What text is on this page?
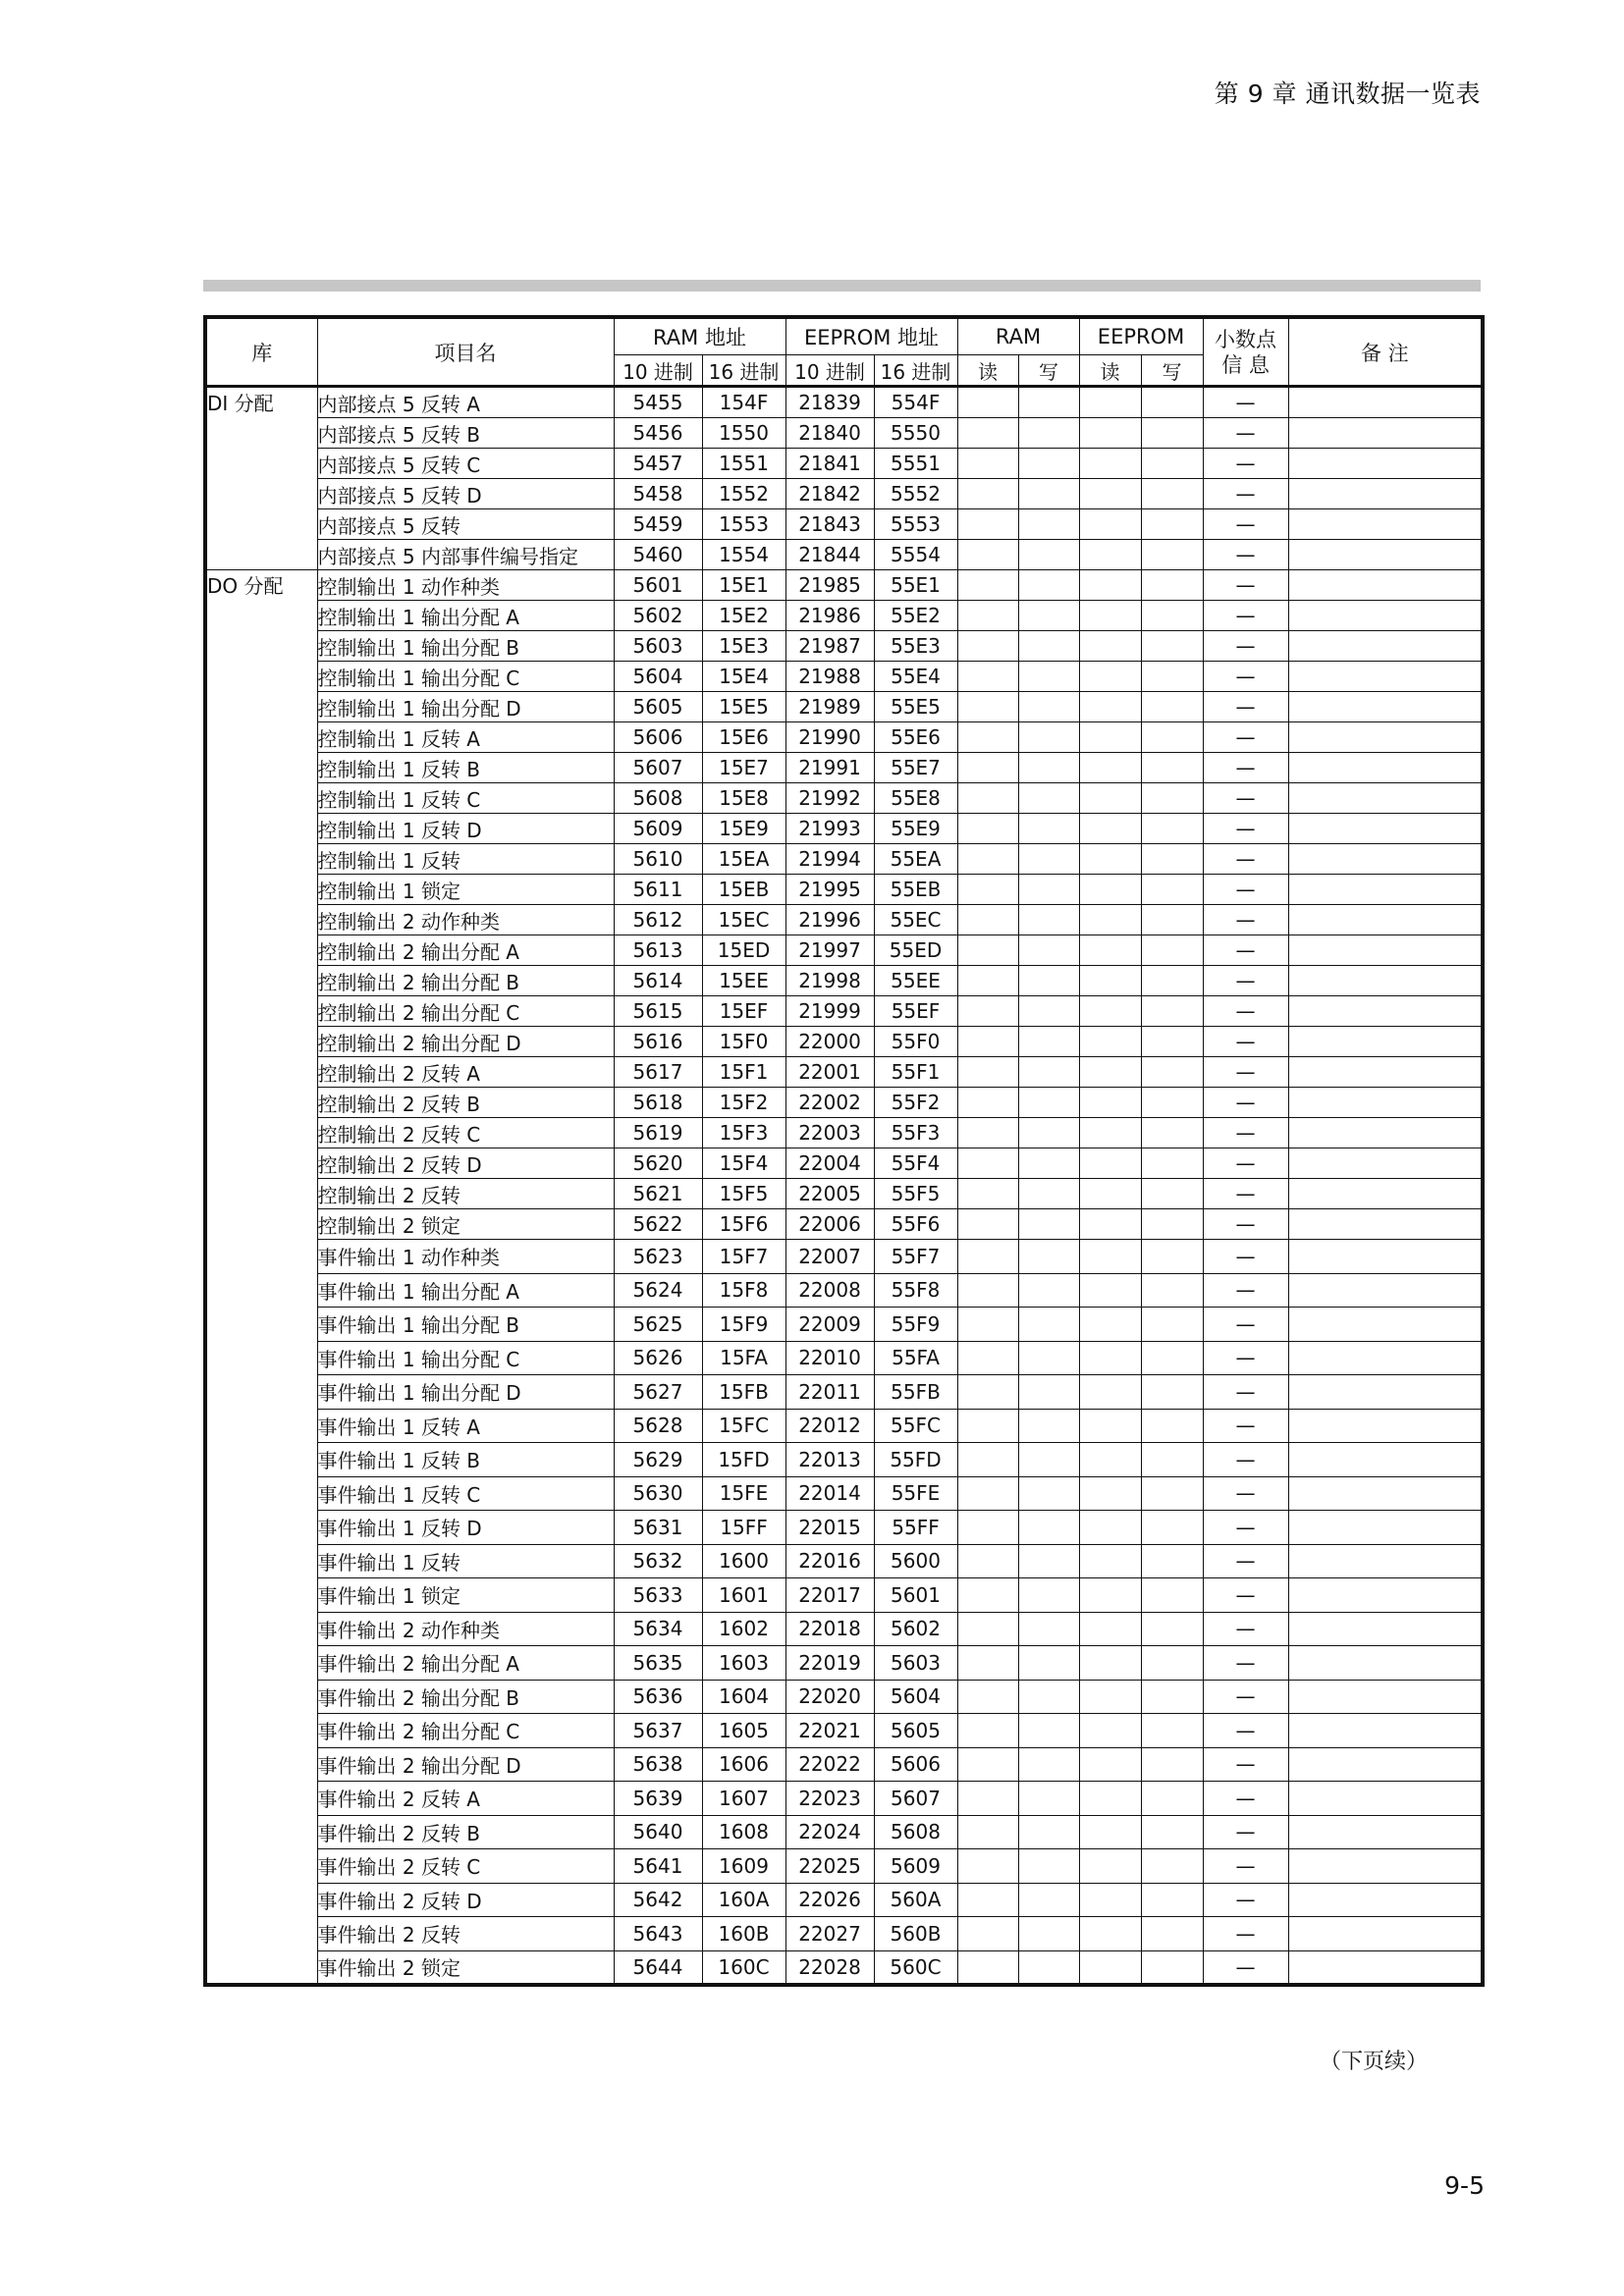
第 9 章 通讯数据一览表
库	项目名	RAM 地址		EEPROM 地址		RAM		EEPROM		小数点
信 息	备 注
		10 进制	16 进制	10 进制	16 进制	读	写	读	写		
DI 分配	内部接点 5 反转 A	5455	154F	21839	554F					—	
	内部接点 5 反转 B	5456	1550	21840	5550					—	
	内部接点 5 反转 C	5457	1551	21841	5551					—	
	内部接点 5 反转 D	5458	1552	21842	5552					—	
	内部接点 5 反转	5459	1553	21843	5553					—	
	内部接点 5 内部事件编号指定	5460	1554	21844	5554					—	
DO 分配	控制输出 1 动作种类	5601	15E1	21985	55E1					—	
	控制输出 1 输出分配 A	5602	15E2	21986	55E2					—	
	控制输出 1 输出分配 B	5603	15E3	21987	55E3					—	
	控制输出 1 输出分配 C	5604	15E4	21988	55E4					—	
	控制输出 1 输出分配 D	5605	15E5	21989	55E5					—	
	控制输出 1 反转 A	5606	15E6	21990	55E6					—	
	控制输出 1 反转 B	5607	15E7	21991	55E7					—	
	控制输出 1 反转 C	5608	15E8	21992	55E8					—	
	控制输出 1 反转 D	5609	15E9	21993	55E9					—	
	控制输出 1 反转	5610	15EA	21994	55EA					—	
	控制输出 1 锁定	5611	15EB	21995	55EB					—	
	控制输出 2 动作种类	5612	15EC	21996	55EC					—	
	控制输出 2 输出分配 A	5613	15ED	21997	55ED					—	
	控制输出 2 输出分配 B	5614	15EE	21998	55EE					—	
	控制输出 2 输出分配 C	5615	15EF	21999	55EF					—	
	控制输出 2 输出分配 D	5616	15F0	22000	55F0					—	
	控制输出 2 反转 A	5617	15F1	22001	55F1					—	
	控制输出 2 反转 B	5618	15F2	22002	55F2					—	
	控制输出 2 反转 C	5619	15F3	22003	55F3					—	
	控制输出 2 反转 D	5620	15F4	22004	55F4					—	
	控制输出 2 反转	5621	15F5	22005	55F5					—	
	控制输出 2 锁定	5622	15F6	22006	55F6					—	
	事件输出 1 动作种类	5623	15F7	22007	55F7					—	
	事件输出 1 输出分配 A	5624	15F8	22008	55F8					—	
	事件输出 1 输出分配 B	5625	15F9	22009	55F9					—	
	事件输出 1 输出分配 C	5626	15FA	22010	55FA					—	
	事件输出 1 输出分配 D	5627	15FB	22011	55FB					—	
	事件输出 1 反转 A	5628	15FC	22012	55FC					—	
	事件输出 1 反转 B	5629	15FD	22013	55FD					—	
	事件输出 1 反转 C	5630	15FE	22014	55FE					—	
	事件输出 1 反转 D	5631	15FF	22015	55FF					—	
	事件输出 1 反转	5632	1600	22016	5600					—	
	事件输出 1 锁定	5633	1601	22017	5601					—	
	事件输出 2 动作种类	5634	1602	22018	5602					—	
	事件输出 2 输出分配 A	5635	1603	22019	5603					—	
	事件输出 2 输出分配 B	5636	1604	22020	5604					—	
	事件输出 2 输出分配 C	5637	1605	22021	5605					—	
	事件输出 2 输出分配 D	5638	1606	22022	5606					—	
	事件输出 2 反转 A	5639	1607	22023	5607					—	
	事件输出 2 反转 B	5640	1608	22024	5608					—	
	事件输出 2 反转 C	5641	1609	22025	5609					—	
	事件输出 2 反转 D	5642	160A	22026	560A					—	
	事件输出 2 反转	5643	160B	22027	560B					—	
	事件输出 2 锁定	5644	160C	22028	560C					—	
（下页续）
9-5
